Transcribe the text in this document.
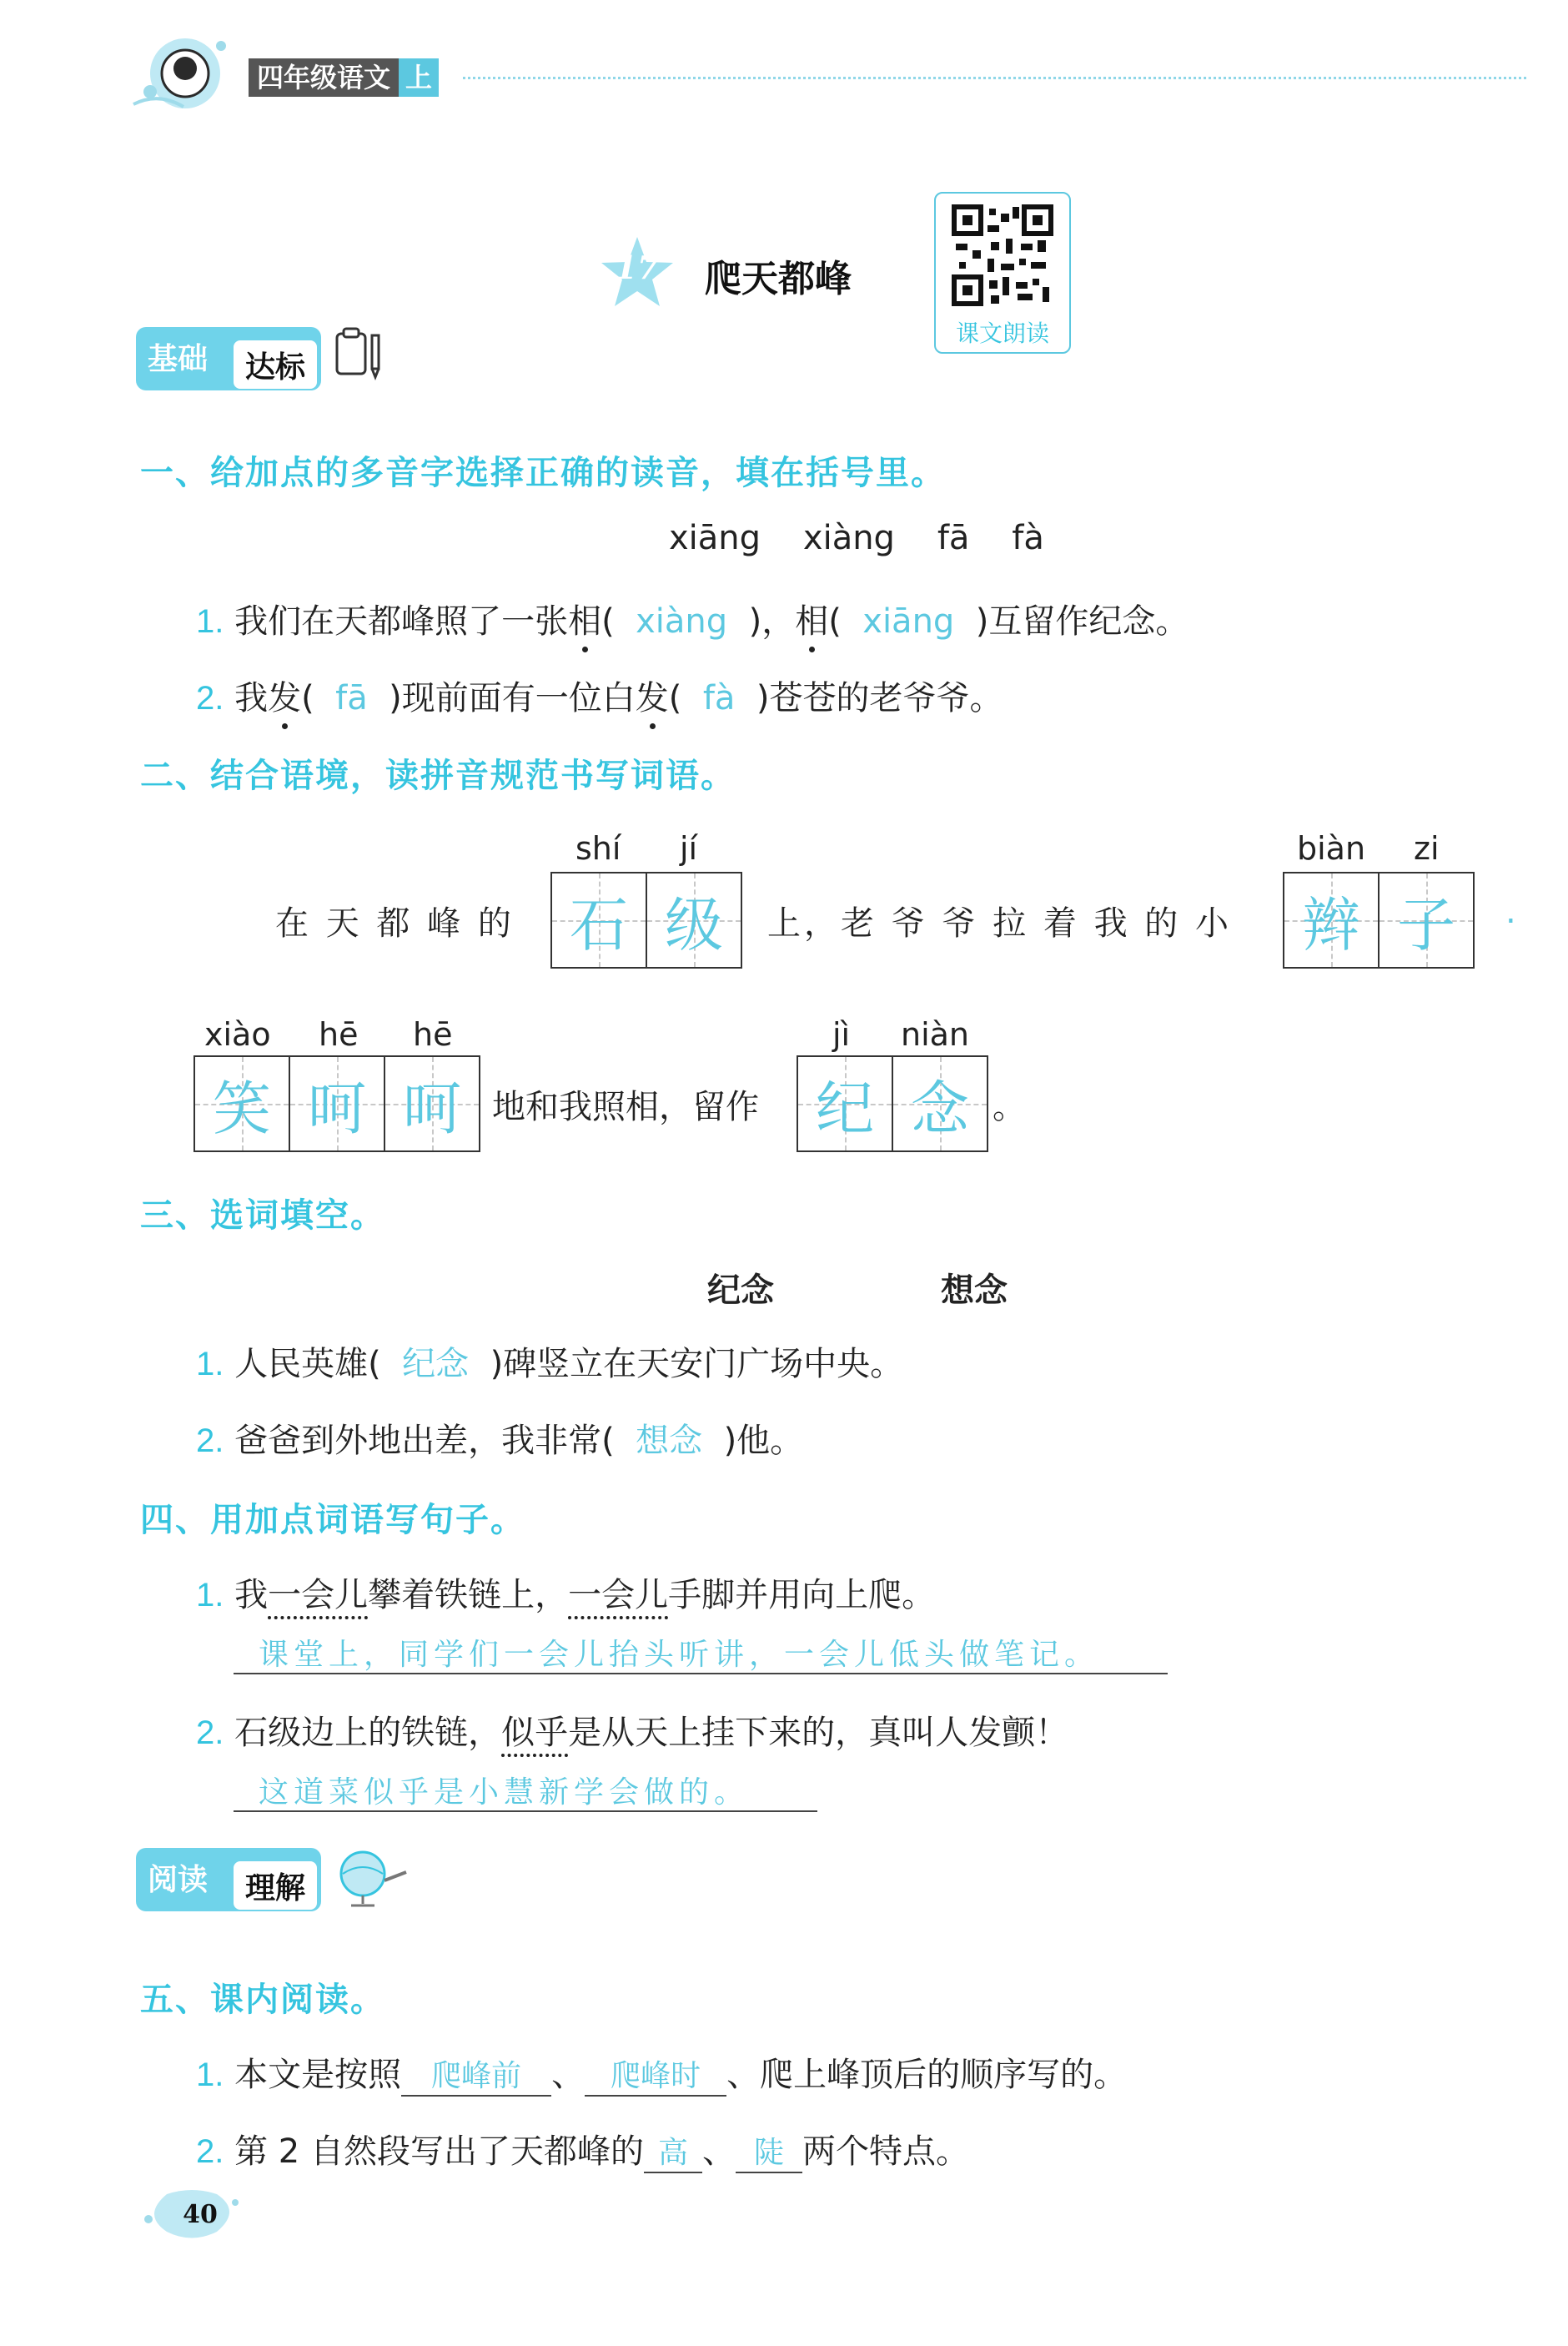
四年级语文 上
17	爬天都峰
课文朗读
基础	达标
一、给加点的多音字选择正确的读音，填在括号里。
xiāng xiàng fā fà
1. 我们在天都峰照了一张相( xiàng )，相( xiāng )互留作纪念。
2. 我发( fā )现前面有一位白发( fà )苍苍的老爷爷。
二、结合语境，读拼音规范书写词语。
在 天 都 峰 的
shí jí
石 级 上，老 爷 爷 拉 着 我 的 小
biàn zi
辫 子 .
xiào hē hē
笑 呵 呵 地和我照相，留作
jì niàn
纪 念 。
三、选词填空。
纪念	想念
1. 人民英雄( 纪念 )碑竖立在天安门广场中央。
2. 爸爸到外地出差，我非常( 想念 )他。
四、用加点词语写句子。
1. 我一会儿攀着铁链上，一会儿手脚并用向上爬。
课堂上，同学们一会儿抬头听讲，一会儿低头做笔记。
2. 石级边上的铁链，似乎是从天上挂下来的，真叫人发颤！
这道菜似乎是小慧新学会做的。
阅读	理解
五、课内阅读。
1. 本文是按照 爬峰前 、 爬峰时 、爬上峰顶后的顺序写的。
2. 第 2 自然段写出了天都峰的 高 、 陡 两个特点。
40
